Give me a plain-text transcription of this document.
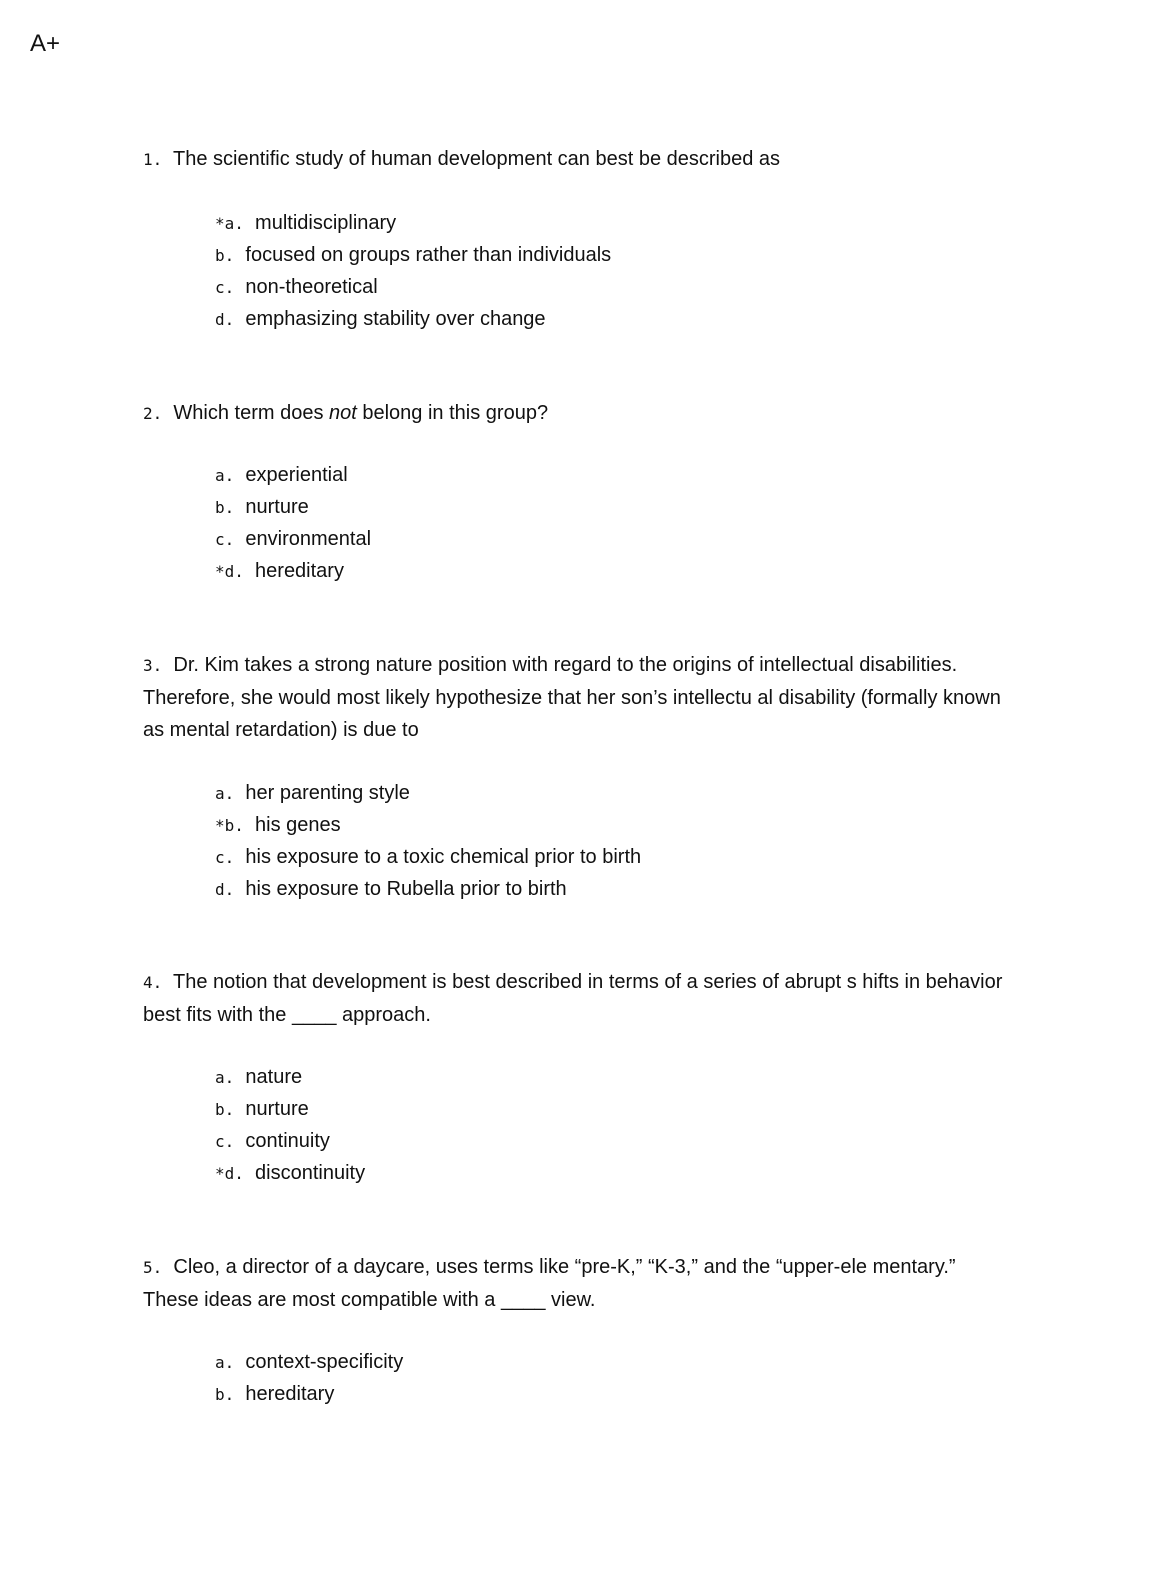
A+
1. The scientific study of human development can best be described as
*a. multidisciplinary
b. focused on groups rather than individuals
c. non-theoretical
d. emphasizing stability over change
2. Which term does not belong in this group?
a. experiential
b. nurture
c. environmental
*d. hereditary
3. Dr. Kim takes a strong nature position with regard to the origins of intellectual disabilities. Therefore, she would most likely hypothesize that her son’s intellectu al disability (formally known as mental retardation) is due to
a. her parenting style
*b. his genes
c. his exposure to a toxic chemical prior to birth
d. his exposure to Rubella prior to birth
4. The notion that development is best described in terms of a series of abrupt s hifts in behavior best fits with the ____ approach.
a. nature
b. nurture
c. continuity
*d. discontinuity
5. Cleo, a director of a daycare, uses terms like “pre-K,” “K-3,” and the “upper-ele mentary.” These ideas are most compatible with a ____ view.
a. context-specificity
b. hereditary
